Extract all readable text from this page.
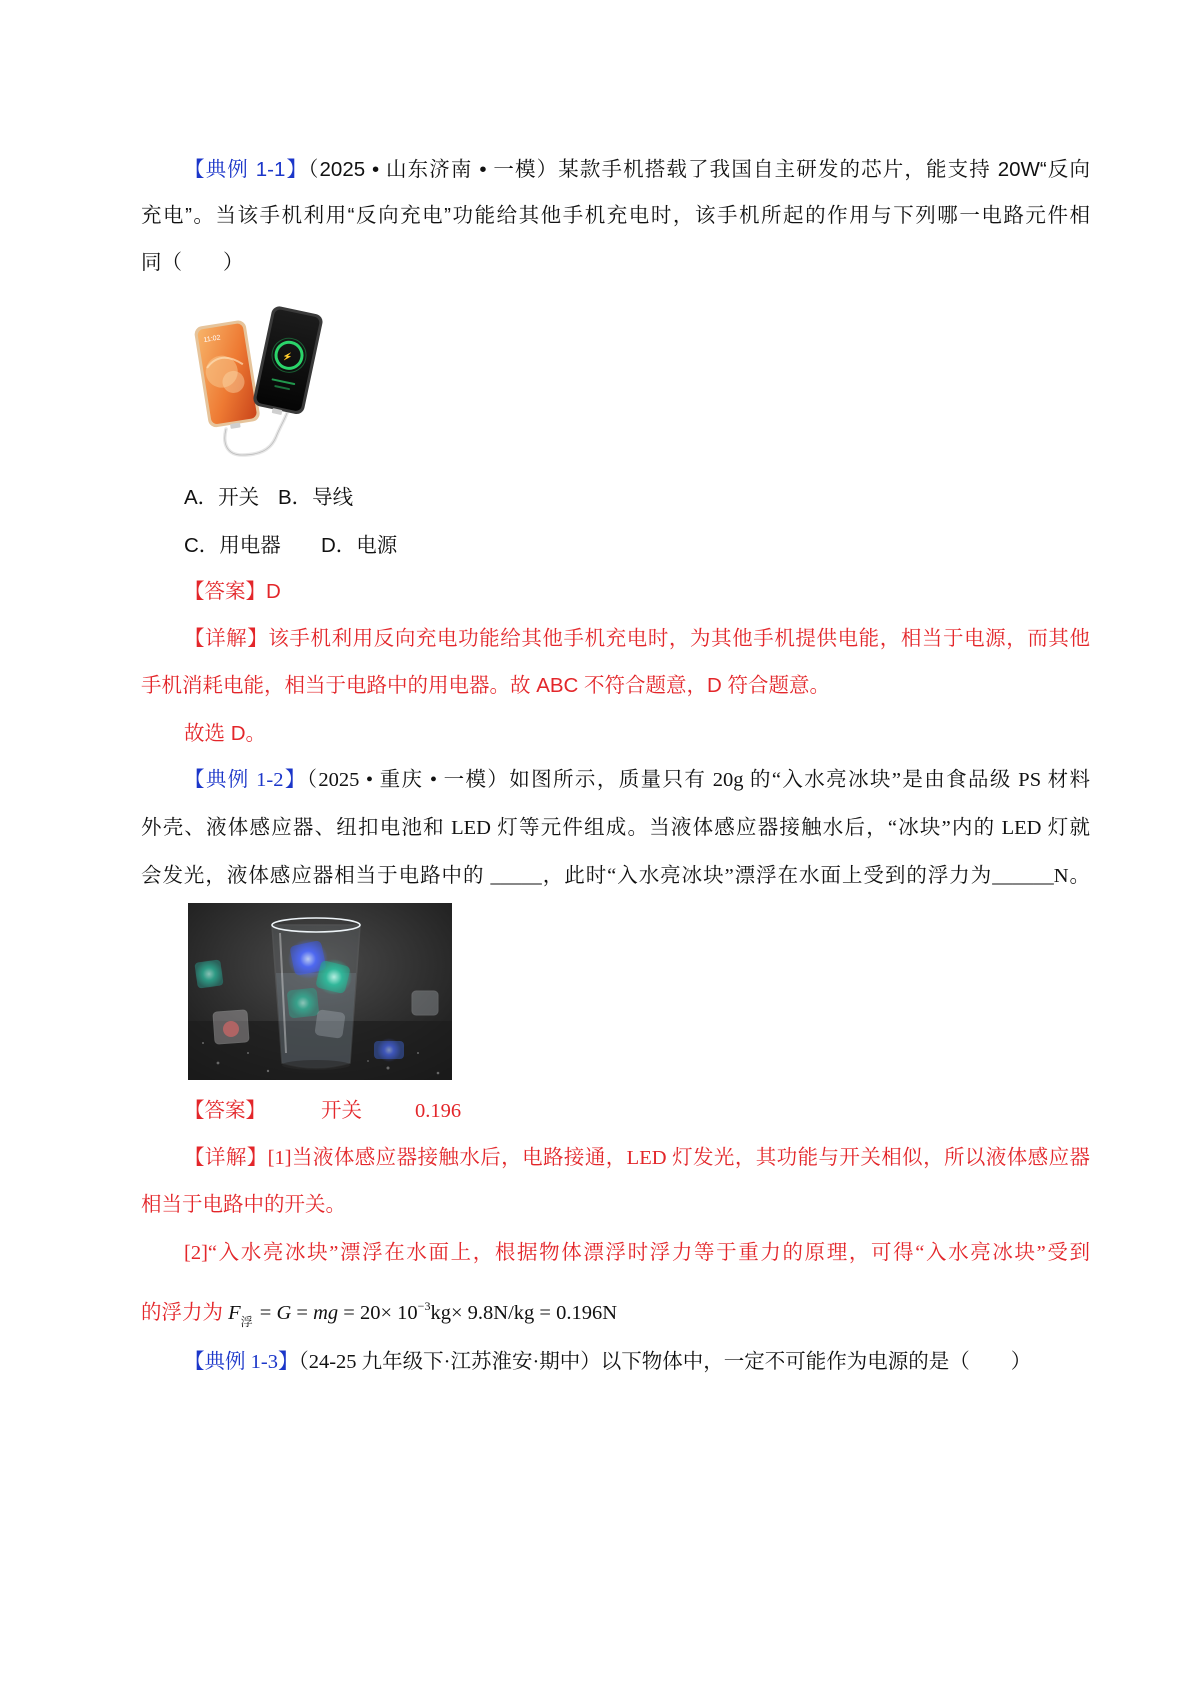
【典例 1-1】（2025 • 山东济南 • 一模）某款手机搭载了我国自主研发的芯片，能支持 20W“反向
充电”。当该手机利用“反向充电”功能给其他手机充电时，该手机所起的作用与下列哪一电路元件相
同（　　）
11:02
⚡
A．开关 B．导线
C．用电器 D．电源
【答案】D
【详解】该手机利用反向充电功能给其他手机充电时，为其他手机提供电能，相当于电源，而其他
手机消耗电能，相当于电路中的用电器。故 ABC 不符合题意，D 符合题意。
故选 D。
【典例 1-2】（2025 • 重庆 • 一模）如图所示，质量只有 20g 的“入水亮冰块”是由食品级 PS 材料
外壳、液体感应器、纽扣电池和 LED 灯等元件组成。当液体感应器接触水后，“冰块”内的 LED 灯就
会发光，液体感应器相当于电路中的 _____，此时“入水亮冰块”漂浮在水面上受到的浮力为______N。
【答案】	开关	0.196
【详解】[1]当液体感应器接触水后，电路接通，LED 灯发光，其功能与开关相似，所以液体感应器
相当于电路中的开关。
[2]“入水亮冰块”漂浮在水面上，根据物体漂浮时浮力等于重力的原理，可得“入水亮冰块”受到
的浮力为 $F_浮 = G$ = mg = $20\times 10^{-3}kg\times 9.8N/kg = 0.196N$
【典例 1-3】（24-25 九年级下·江苏淮安·期中）以下物体中，一定不可能作为电源的是（　　）
